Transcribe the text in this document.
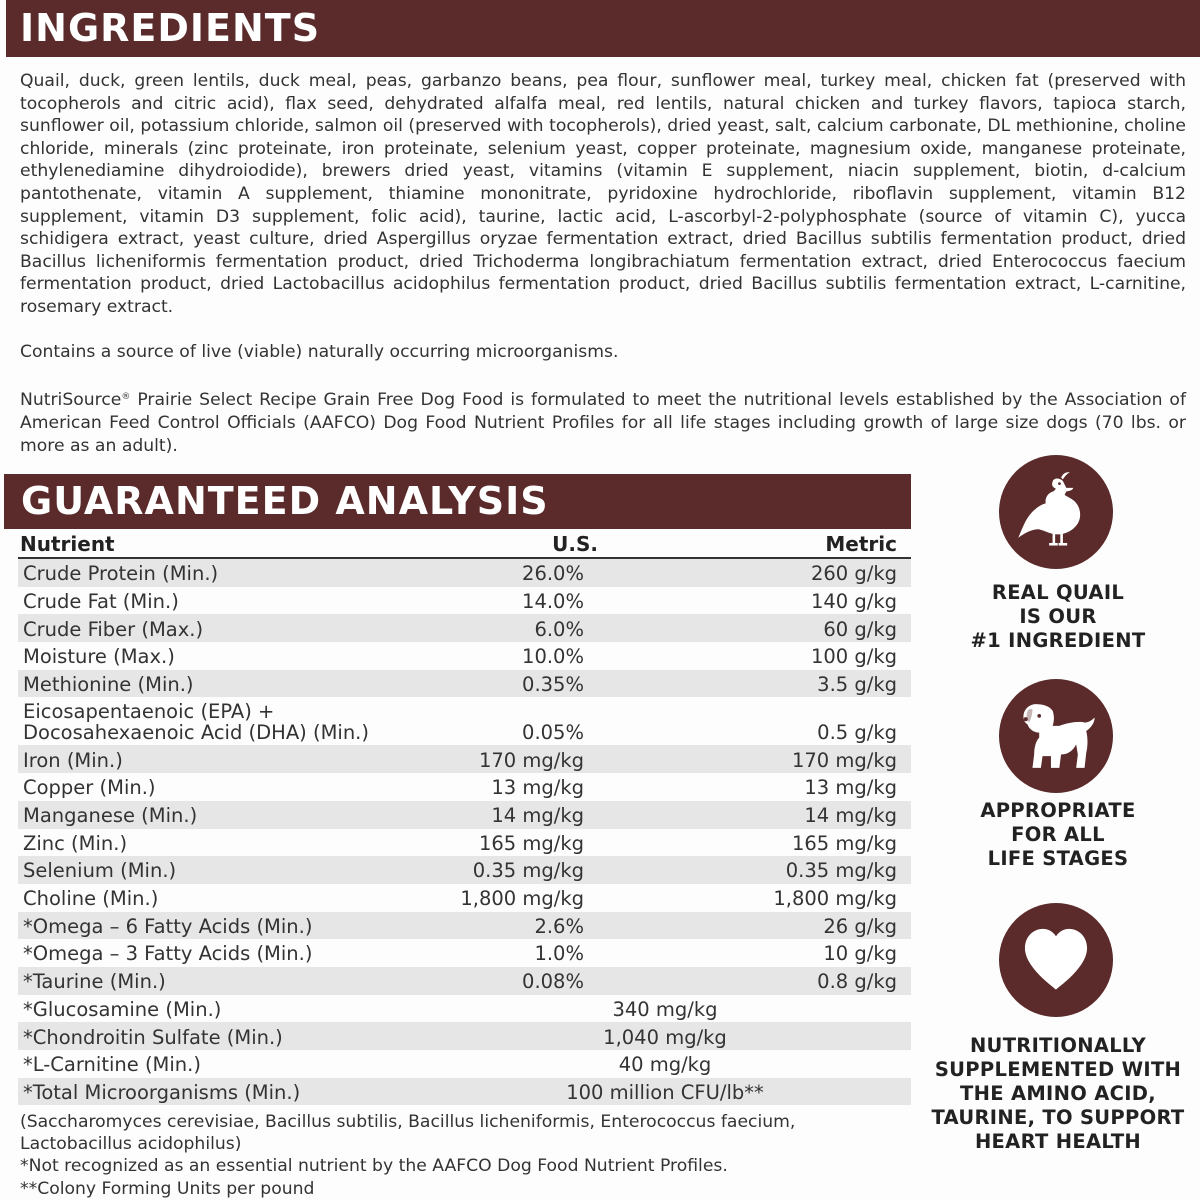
INGREDIENTS

Quail, duck, green lentils, duck meal, peas, garbanzo beans, pea flour, sunflower meal, turkey meal, chicken fat (preserved with tocopherols and citric acid), flax seed, dehydrated alfalfa meal, red lentils, natural chicken and turkey flavors, tapioca starch, sunflower oil, potassium chloride, salmon oil (preserved with tocopherols), dried yeast, salt, calcium carbonate, DL methionine, choline chloride, minerals (zinc proteinate, iron proteinate, selenium yeast, copper proteinate, magnesium oxide, manganese proteinate, ethylenediamine dihydroiodide), brewers dried yeast, vitamins (vitamin E supplement, niacin supplement, biotin, d-calcium pantothenate, vitamin A supplement, thiamine mononitrate, pyridoxine hydrochloride, riboflavin supplement, vitamin B12 supplement, vitamin D3 supplement, folic acid), taurine, lactic acid, L-ascorbyl-2-polyphosphate (source of vitamin C), yucca schidigera extract, yeast culture, dried Aspergillus oryzae fermentation extract, dried Bacillus subtilis fermentation product, dried Bacillus licheniformis fermentation product, dried Trichoderma longibrachiatum fermentation extract, dried Enterococcus faecium fermentation product, dried Lactobacillus acidophilus fermentation product, dried Bacillus subtilis fermentation extract, L-carnitine, rosemary extract.

Contains a source of live (viable) naturally occurring microorganisms.

NutriSource® Prairie Select Recipe Grain Free Dog Food is formulated to meet the nutritional levels established by the Association of American Feed Control Officials (AAFCO) Dog Food Nutrient Profiles for all life stages including growth of large size dogs (70 lbs. or more as an adult).

GUARANTEED ANALYSIS
Nutrient	U.S.	Metric
Crude Protein (Min.)	26.0%	260 g/kg
Crude Fat (Min.)	14.0%	140 g/kg
Crude Fiber (Max.)	6.0%	60 g/kg
Moisture (Max.)	10.0%	100 g/kg
Methionine (Min.)	0.35%	3.5 g/kg
Eicosapentaenoic (EPA) + Docosahexaenoic Acid (DHA) (Min.)	0.05%	0.5 g/kg
Iron (Min.)	170 mg/kg	170 mg/kg
Copper (Min.)	13 mg/kg	13 mg/kg
Manganese (Min.)	14 mg/kg	14 mg/kg
Zinc (Min.)	165 mg/kg	165 mg/kg
Selenium (Min.)	0.35 mg/kg	0.35 mg/kg
Choline (Min.)	1,800 mg/kg	1,800 mg/kg
*Omega – 6 Fatty Acids (Min.)	2.6%	26 g/kg
*Omega – 3 Fatty Acids (Min.)	1.0%	10 g/kg
*Taurine (Min.)	0.08%	0.8 g/kg
*Glucosamine (Min.)	340 mg/kg
*Chondroitin Sulfate (Min.)	1,040 mg/kg
*L-Carnitine (Min.)	40 mg/kg
*Total Microorganisms (Min.)	100 million CFU/lb**
(Saccharomyces cerevisiae, Bacillus subtilis, Bacillus licheniformis, Enterococcus faecium, Lactobacillus acidophilus)
*Not recognized as an essential nutrient by the AAFCO Dog Food Nutrient Profiles.
**Colony Forming Units per pound
REAL QUAIL
IS OUR
#1 INGREDIENT
APPROPRIATE
FOR ALL
LIFE STAGES
NUTRITIONALLY
SUPPLEMENTED WITH
THE AMINO ACID,
TAURINE, TO SUPPORT
HEART HEALTH
